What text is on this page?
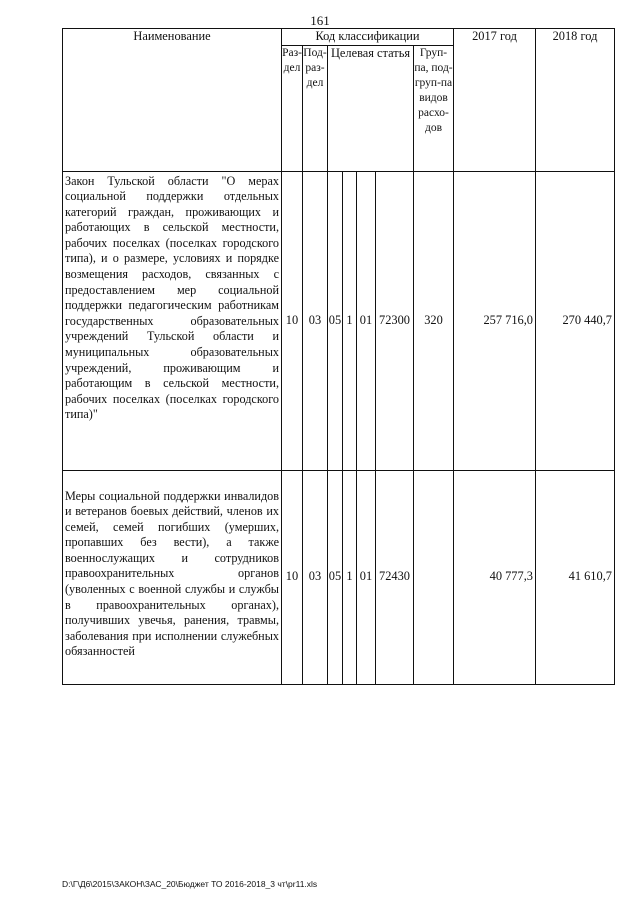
161
Наименование	Код классификации							2017 год	2018 год
	Раз-дел	Под-раз-дел	Целевая статья				Груп-па, под-груп-па видов расхо-дов		
Закон Тульской области "О мерах социальной поддержки отдельных категорий граждан, проживающих и работающих в сельской местности, рабочих поселках (поселках городского типа), и о размере, условиях и порядке возмещения расходов, связанных с предоставлением мер социальной поддержки педагогическим работникам государственных образовательных учреждений Тульской области и муниципальных образовательных учреждений, проживающим и работающим в сельской местности, рабочих поселках (поселках городского типа)"	10	03	05	1	01	72300	320	257 716,0	270 440,7
Меры социальной поддержки инвалидов и ветеранов боевых действий, членов их семей, семей погибших (умерших, пропавших без вести), а также военнослужащих и сотрудников правоохранительных органов (уволенных с военной службы и службы в правоохранительных органах), получивших увечья, ранения, травмы, заболевания при исполнении служебных обязанностей	10	03	05	1	01	72430		40 777,3	41 610,7
D:\Г\Д6\2015\ЗАКОН\ЗАС_20\Бюджет ТО 2016-2018_3 чт\pr11.xls
